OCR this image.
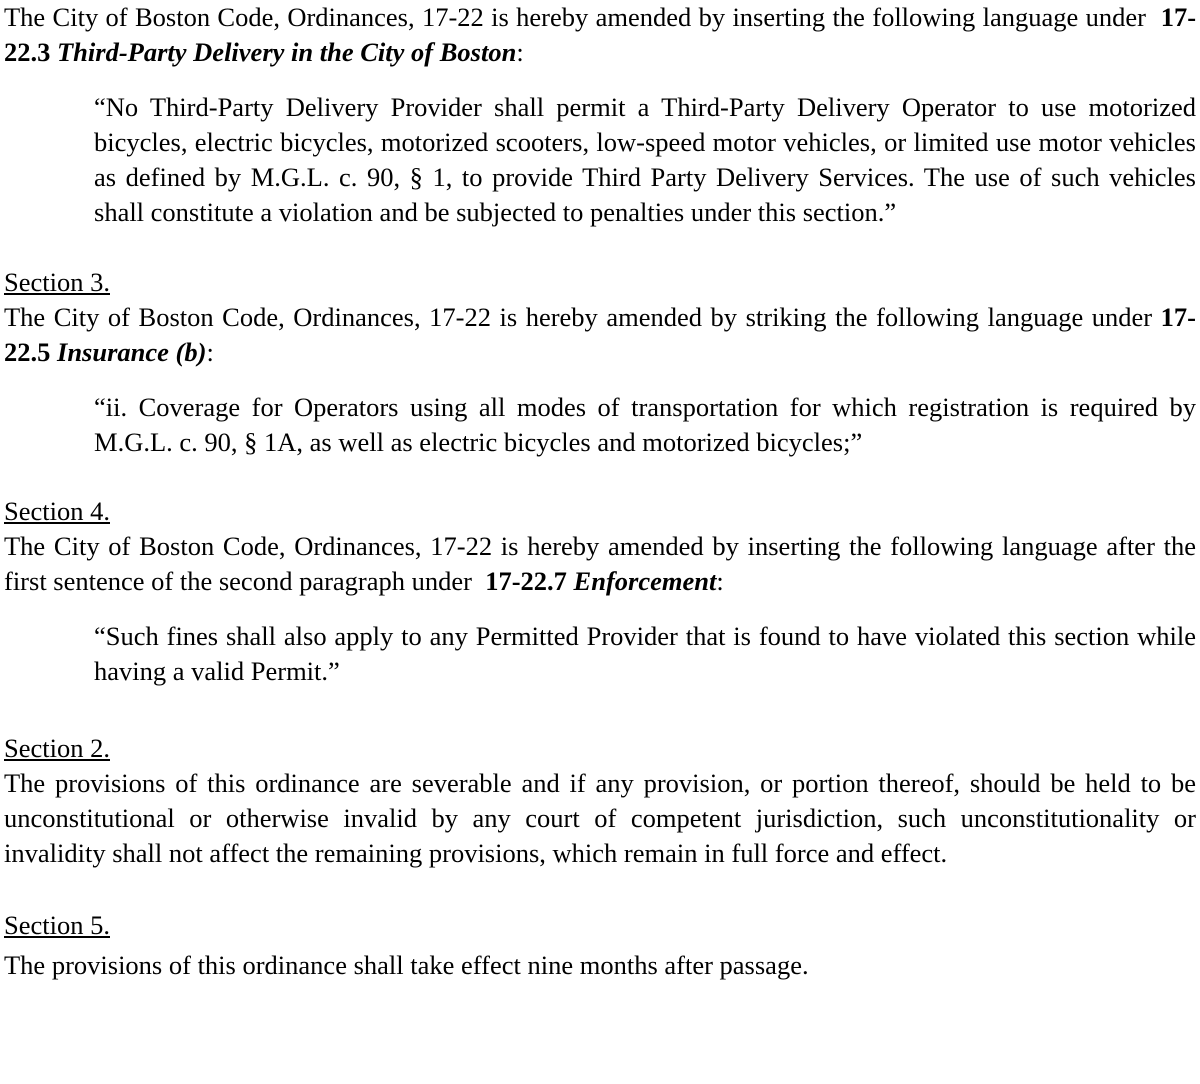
The City of Boston Code, Ordinances, 17-22 is hereby amended by inserting the following language under 17-22.3 Third-Party Delivery in the City of Boston:

“No Third-Party Delivery Provider shall permit a Third-Party Delivery Operator to use motorized bicycles, electric bicycles, motorized scooters, low-speed motor vehicles, or limited use motor vehicles as defined by M.G.L. c. 90, § 1, to provide Third Party Delivery Services. The use of such vehicles shall constitute a violation and be subjected to penalties under this section.”

Section 3.

The City of Boston Code, Ordinances, 17-22 is hereby amended by striking the following language under 17-22.5 Insurance (b):

“ii. Coverage for Operators using all modes of transportation for which registration is required by M.G.L. c. 90, § 1A, as well as electric bicycles and motorized bicycles;”

Section 4.

The City of Boston Code, Ordinances, 17-22 is hereby amended by inserting the following language after the first sentence of the second paragraph under 17-22.7 Enforcement:

“Such fines shall also apply to any Permitted Provider that is found to have violated this section while having a valid Permit.”

Section 2.

The provisions of this ordinance are severable and if any provision, or portion thereof, should be held to be unconstitutional or otherwise invalid by any court of competent jurisdiction, such unconstitutionality or invalidity shall not affect the remaining provisions, which remain in full force and effect.

Section 5.

The provisions of this ordinance shall take effect nine months after passage.
